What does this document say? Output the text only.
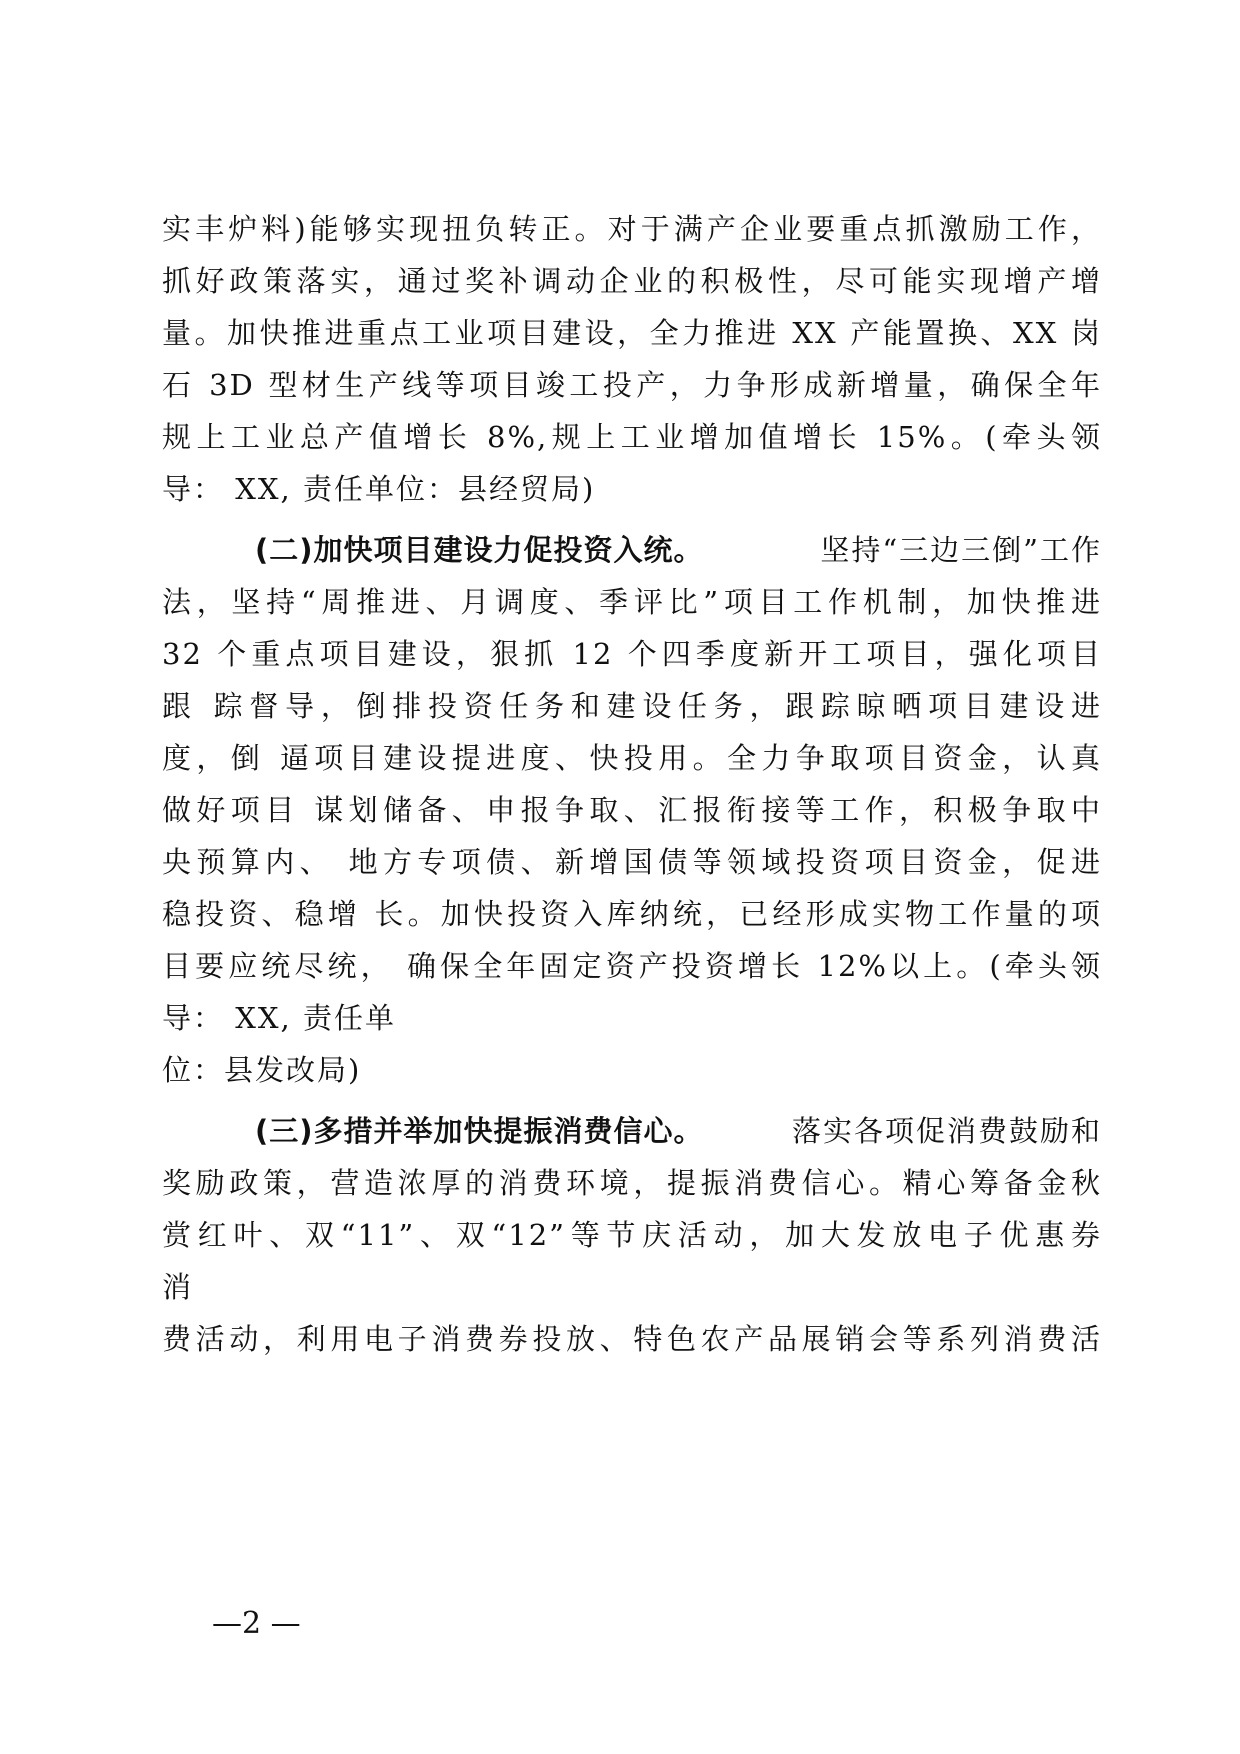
实丰炉料)能够实现扭负转正。对于满产企业要重点抓激励工作，
抓好政策落实，通过奖补调动企业的积极性，尽可能实现增产增
量。加快推进重点工业项目建设，全力推进 XX 产能置换、XX 岗
石 3D 型材生产线等项目竣工投产，力争形成新增量，确保全年
规上工业总产值增长 8%,规上工业增加值增长 15%。(牵头领
导： XX, 责任单位：县经贸局)
(二)加快项目建设力促投资入统。	坚持“三边三倒”工作
法，坚持“周推进、月调度、季评比”项目工作机制，加快推进
32 个重点项目建设，狠抓 12 个四季度新开工项目，强化项目
跟 踪督导，倒排投资任务和建设任务，跟踪晾晒项目建设进
度，倒 逼项目建设提进度、快投用。全力争取项目资金，认真
做好项目 谋划储备、申报争取、汇报衔接等工作，积极争取中
央预算内、 地方专项债、新增国债等领域投资项目资金，促进
稳投资、稳增 长。加快投资入库纳统，已经形成实物工作量的项
目要应统尽统， 确保全年固定资产投资增长 12%以上。(牵头领
导： XX, 责任单
位：县发改局)
(三)多措并举加快提振消费信心。	落实各项促消费鼓励和
奖励政策，营造浓厚的消费环境，提振消费信心。精心筹备金秋
赏红叶、双“11”、双“12”等节庆活动，加大发放电子优惠券
消
费活动，利用电子消费券投放、特色农产品展销会等系列消费活
—2 —
